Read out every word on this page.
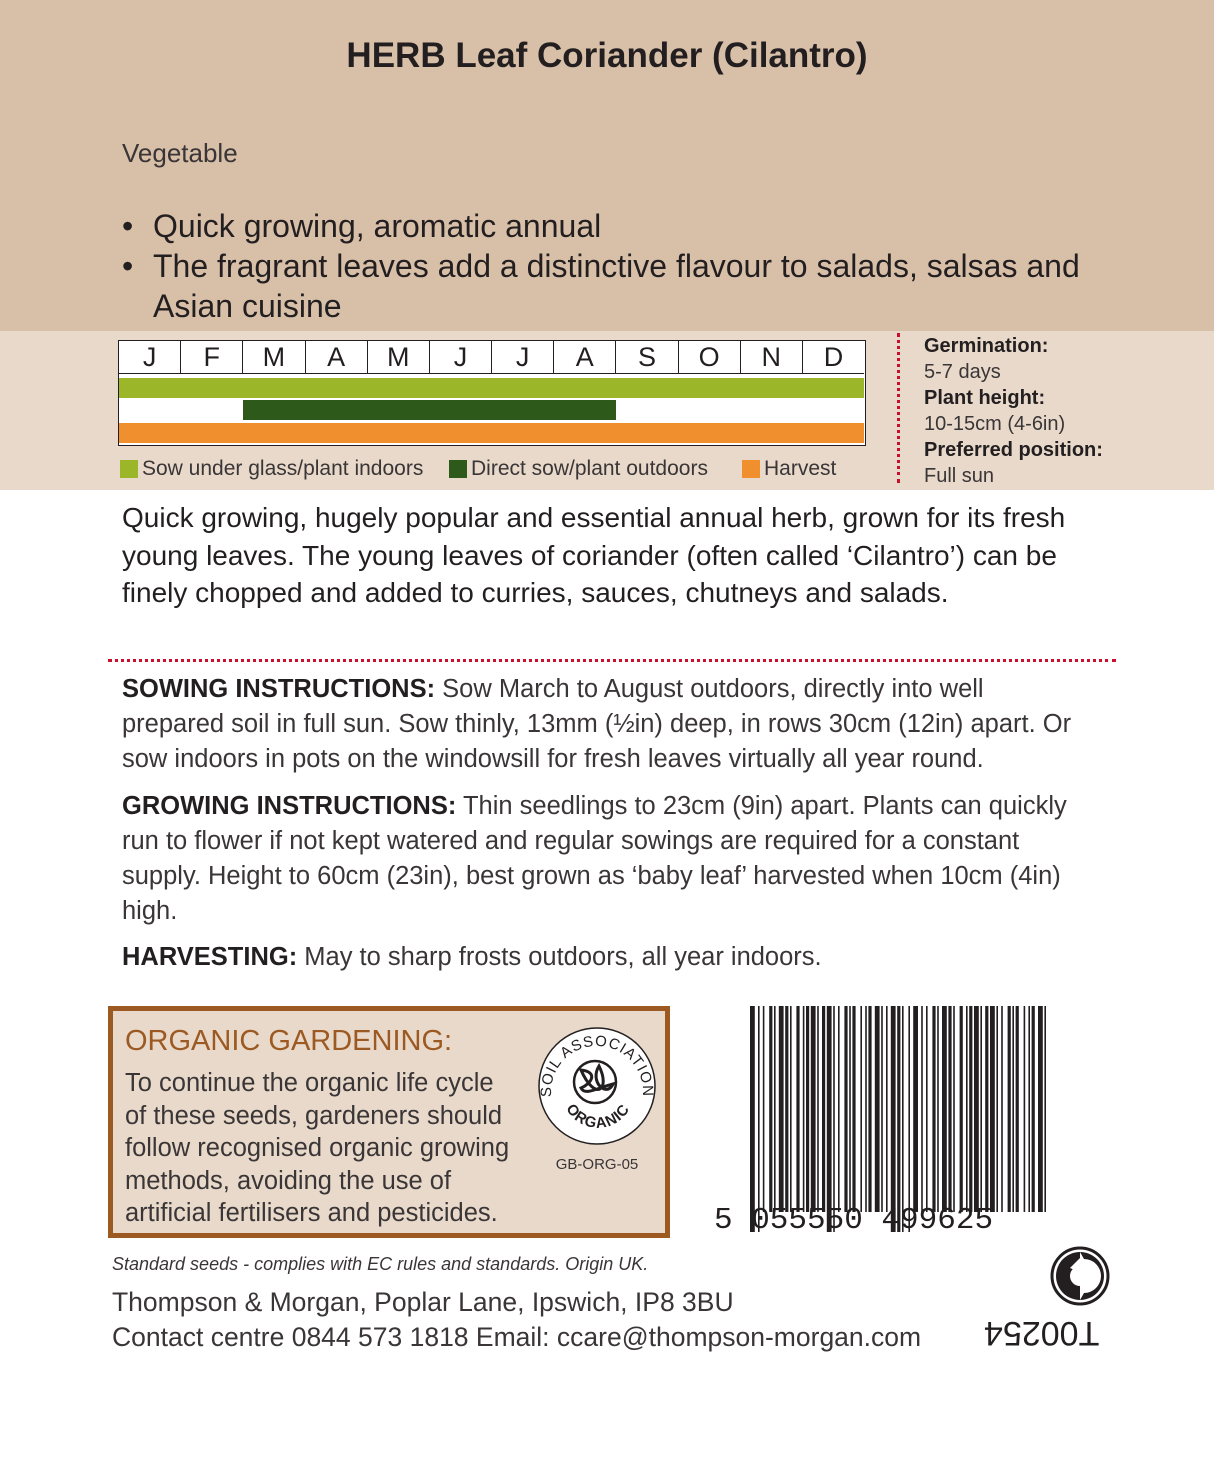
HERB Leaf Coriander (Cilantro)
Vegetable
• Quick growing, aromatic annual
• The fragrant leaves add a distinctive flavour to salads, salsas and Asian cuisine
J	F	M	A	M	J	J	A	S	O	N	D
Sow under glass/plant indoors Direct sow/plant outdoors	Harvest
Germination:
5-7 days
Plant height:
10-15cm (4-6in)
Preferred position:
Full sun
Quick growing, hugely popular and essential annual herb, grown for its fresh young leaves. The young leaves of coriander (often called ‘Cilantro’) can be finely chopped and added to curries, sauces, chutneys and salads.
SOWING INSTRUCTIONS: Sow March to August outdoors, directly into well prepared soil in full sun. Sow thinly, 13mm (½in) deep, in rows 30cm (12in) apart. Or sow indoors in pots on the windowsill for fresh leaves virtually all year round.
GROWING INSTRUCTIONS: Thin seedlings to 23cm (9in) apart. Plants can quickly run to flower if not kept watered and regular sowings are required for a constant supply. Height to 60cm (23in), best grown as ‘baby leaf’ harvested when 10cm (4in) high.
HARVESTING: May to sharp frosts outdoors, all year indoors.
ORGANIC GARDENING:
To continue the organic life cycle of these seeds, gardeners should follow recognised organic growing methods, avoiding the use of artificial fertilisers and pesticides.
SOIL ASSOCIATION
ORGANIC
GB-ORG-05
5 055550 499625
T00254
Standard seeds - complies with EC rules and standards. Origin UK.
Thompson & Morgan, Poplar Lane, Ipswich, IP8 3BU
Contact centre 0844 573 1818 Email: ccare@thompson-morgan.com
